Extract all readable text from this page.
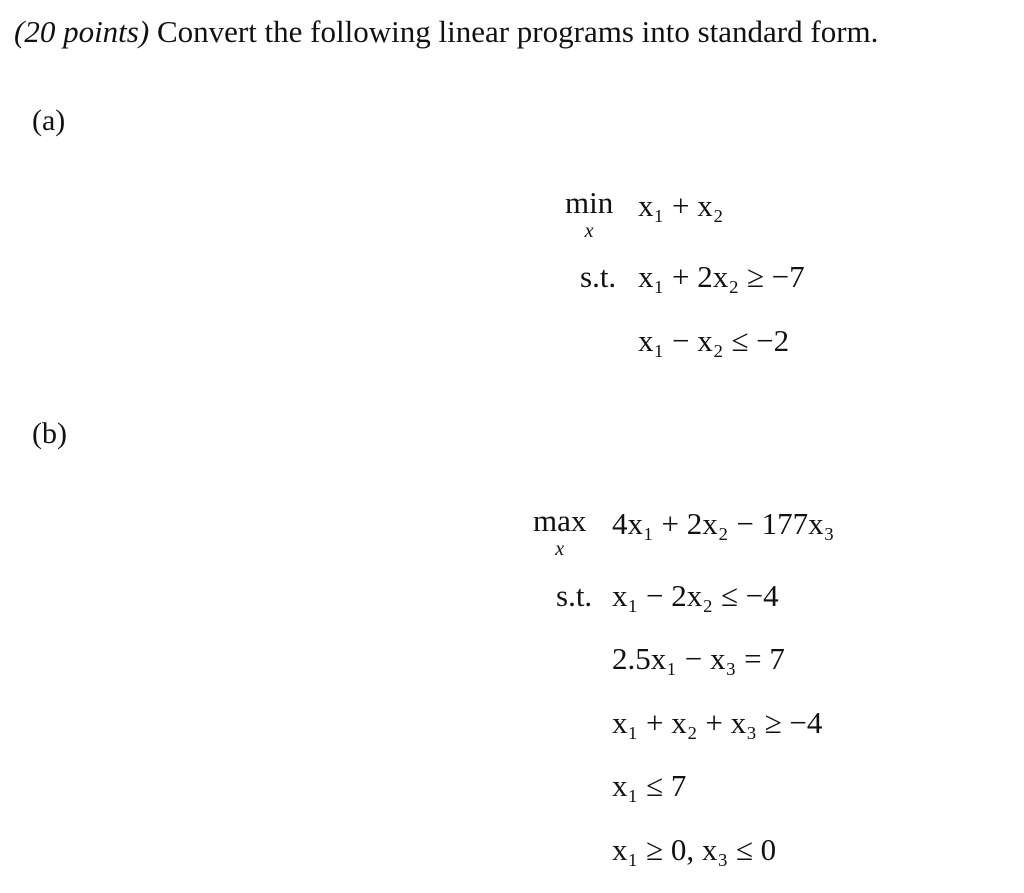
(20 points) Convert the following linear programs into standard form.
(a)
min
x
x₁ + x₂
s.t. x₁ + 2x₂ ≥ −7
x₁ − x₂ ≤ −2
(b)
max
x
4x₁ + 2x₂ − 177x₃
s.t. x₁ − 2x₂ ≤ −4
2.5x₁ − x₃ = 7
x₁ + x₂ + x₃ ≥ −4
x₁ ≤ 7
x₁ ≥ 0, x₃ ≤ 0
